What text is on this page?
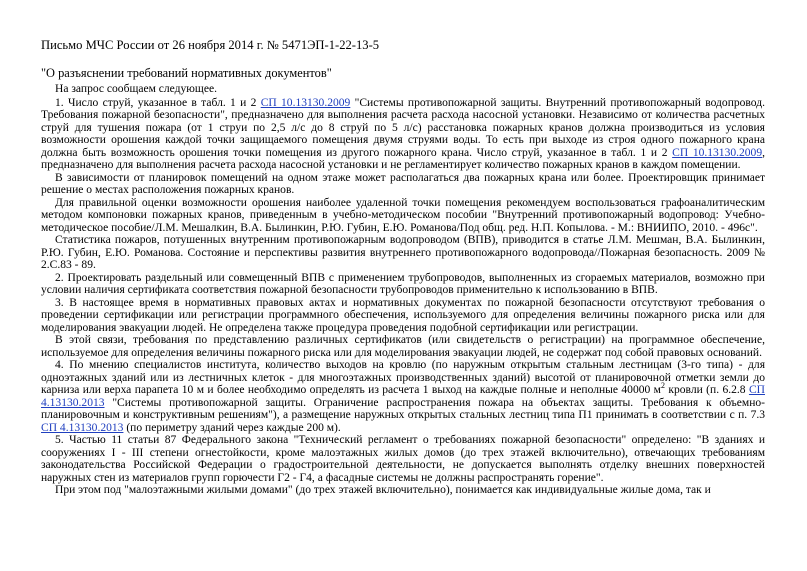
Письмо МЧС России от 26 ноября 2014 г. № 5471ЭП-1-22-13-5
"О разъяснении требований нормативных документов"

На запрос сообщаем следующее.

1. Число струй, указанное в табл. 1 и 2 СП 10.13130.2009 "Системы противопожарной защиты. Внутренний противопожарный водопровод. Требования пожарной безопасности", предназначено для выполнения расчета расхода насосной установки. Независимо от количества расчетных струй для тушения пожара (от 1 струи по 2,5 л/с до 8 струй по 5 л/с) расстановка пожарных кранов должна производиться из условия возможности орошения каждой точки защищаемого помещения двумя струями воды. То есть при выходе из строя одного пожарного крана должна быть возможность орошения точки помещения из другого пожарного крана. Число струй, указанное в табл. 1 и 2 СП 10.13130.2009, предназначено для выполнения расчета расхода насосной установки и не регламентирует количество пожарных кранов в каждом помещении.

В зависимости от планировок помещений на одном этаже может располагаться два пожарных крана или более. Проектировщик принимает решение о местах расположения пожарных кранов.

Для правильной оценки возможности орошения наиболее удаленной точки помещения рекомендуем воспользоваться графоаналитическим методом компоновки пожарных кранов, приведенным в учебно-методическом пособии "Внутренний противопожарный водопровод: Учебно-методическое пособие/Л.М. Мешалкин, В.А. Былинкин, Р.Ю. Губин, Е.Ю. Романова/Под общ. ред. Н.П. Копылова. - М.: ВНИИПО, 2010. - 496с".

Статистика пожаров, потушенных внутренним противопожарным водопроводом (ВПВ), приводится в статье Л.М. Мешман, В.А. Былинкин, Р.Ю. Губин, Е.Ю. Романова. Состояние и перспективы развития внутреннего противопожарного водопровода//Пожарная безопасность. 2009 № 2.С.83 - 89.

2. Проектировать раздельный или совмещенный ВПВ с применением трубопроводов, выполненных из сгораемых материалов, возможно при условии наличия сертификата соответствия пожарной безопасности трубопроводов применительно к использованию в ВПВ.

3. В настоящее время в нормативных правовых актах и нормативных документах по пожарной безопасности отсутствуют требования о проведении сертификации или регистрации программного обеспечения, используемого для определения величины пожарного риска или для моделирования эвакуации людей. Не определена также процедура проведения подобной сертификации или регистрации.

В этой связи, требования по представлению различных сертификатов (или свидетельств о регистрации) на программное обеспечение, используемое для определения величины пожарного риска или для моделирования эвакуации людей, не содержат под собой правовых оснований.

4. По мнению специалистов института, количество выходов на кровлю (по наружным открытым стальным лестницам (3-го типа) - для одноэтажных зданий или из лестничных клеток - для многоэтажных производственных зданий) высотой от планировочной отметки земли до карниза или верха парапета 10 м и более необходимо определять из расчета 1 выход на каждые полные и неполные 40000 $м^2$ кровли (п. 6.2.8 СП 4.13130.2013 "Системы противопожарной защиты. Ограничение распространения пожара на объектах защиты. Требования к объемно-планировочным и конструктивным решениям"), а размещение наружных открытых стальных лестниц типа П1 принимать в соответствии с п. 7.3 СП 4.13130.2013 (по периметру зданий через каждые 200 м).

5. Частью 11 статьи 87 Федерального закона "Технический регламент о требованиях пожарной безопасности" определено: "В зданиях и сооружениях I - III степени огнестойкости, кроме малоэтажных жилых домов (до трех этажей включительно), отвечающих требованиям законодательства Российской Федерации о градостроительной деятельности, не допускается выполнять отделку внешних поверхностей наружных стен из материалов групп горючести Г2 - Г4, а фасадные системы не должны распространять горение".

При этом под "малоэтажными жилыми домами" (до трех этажей включительно), понимается как индивидуальные жилые дома, так и
